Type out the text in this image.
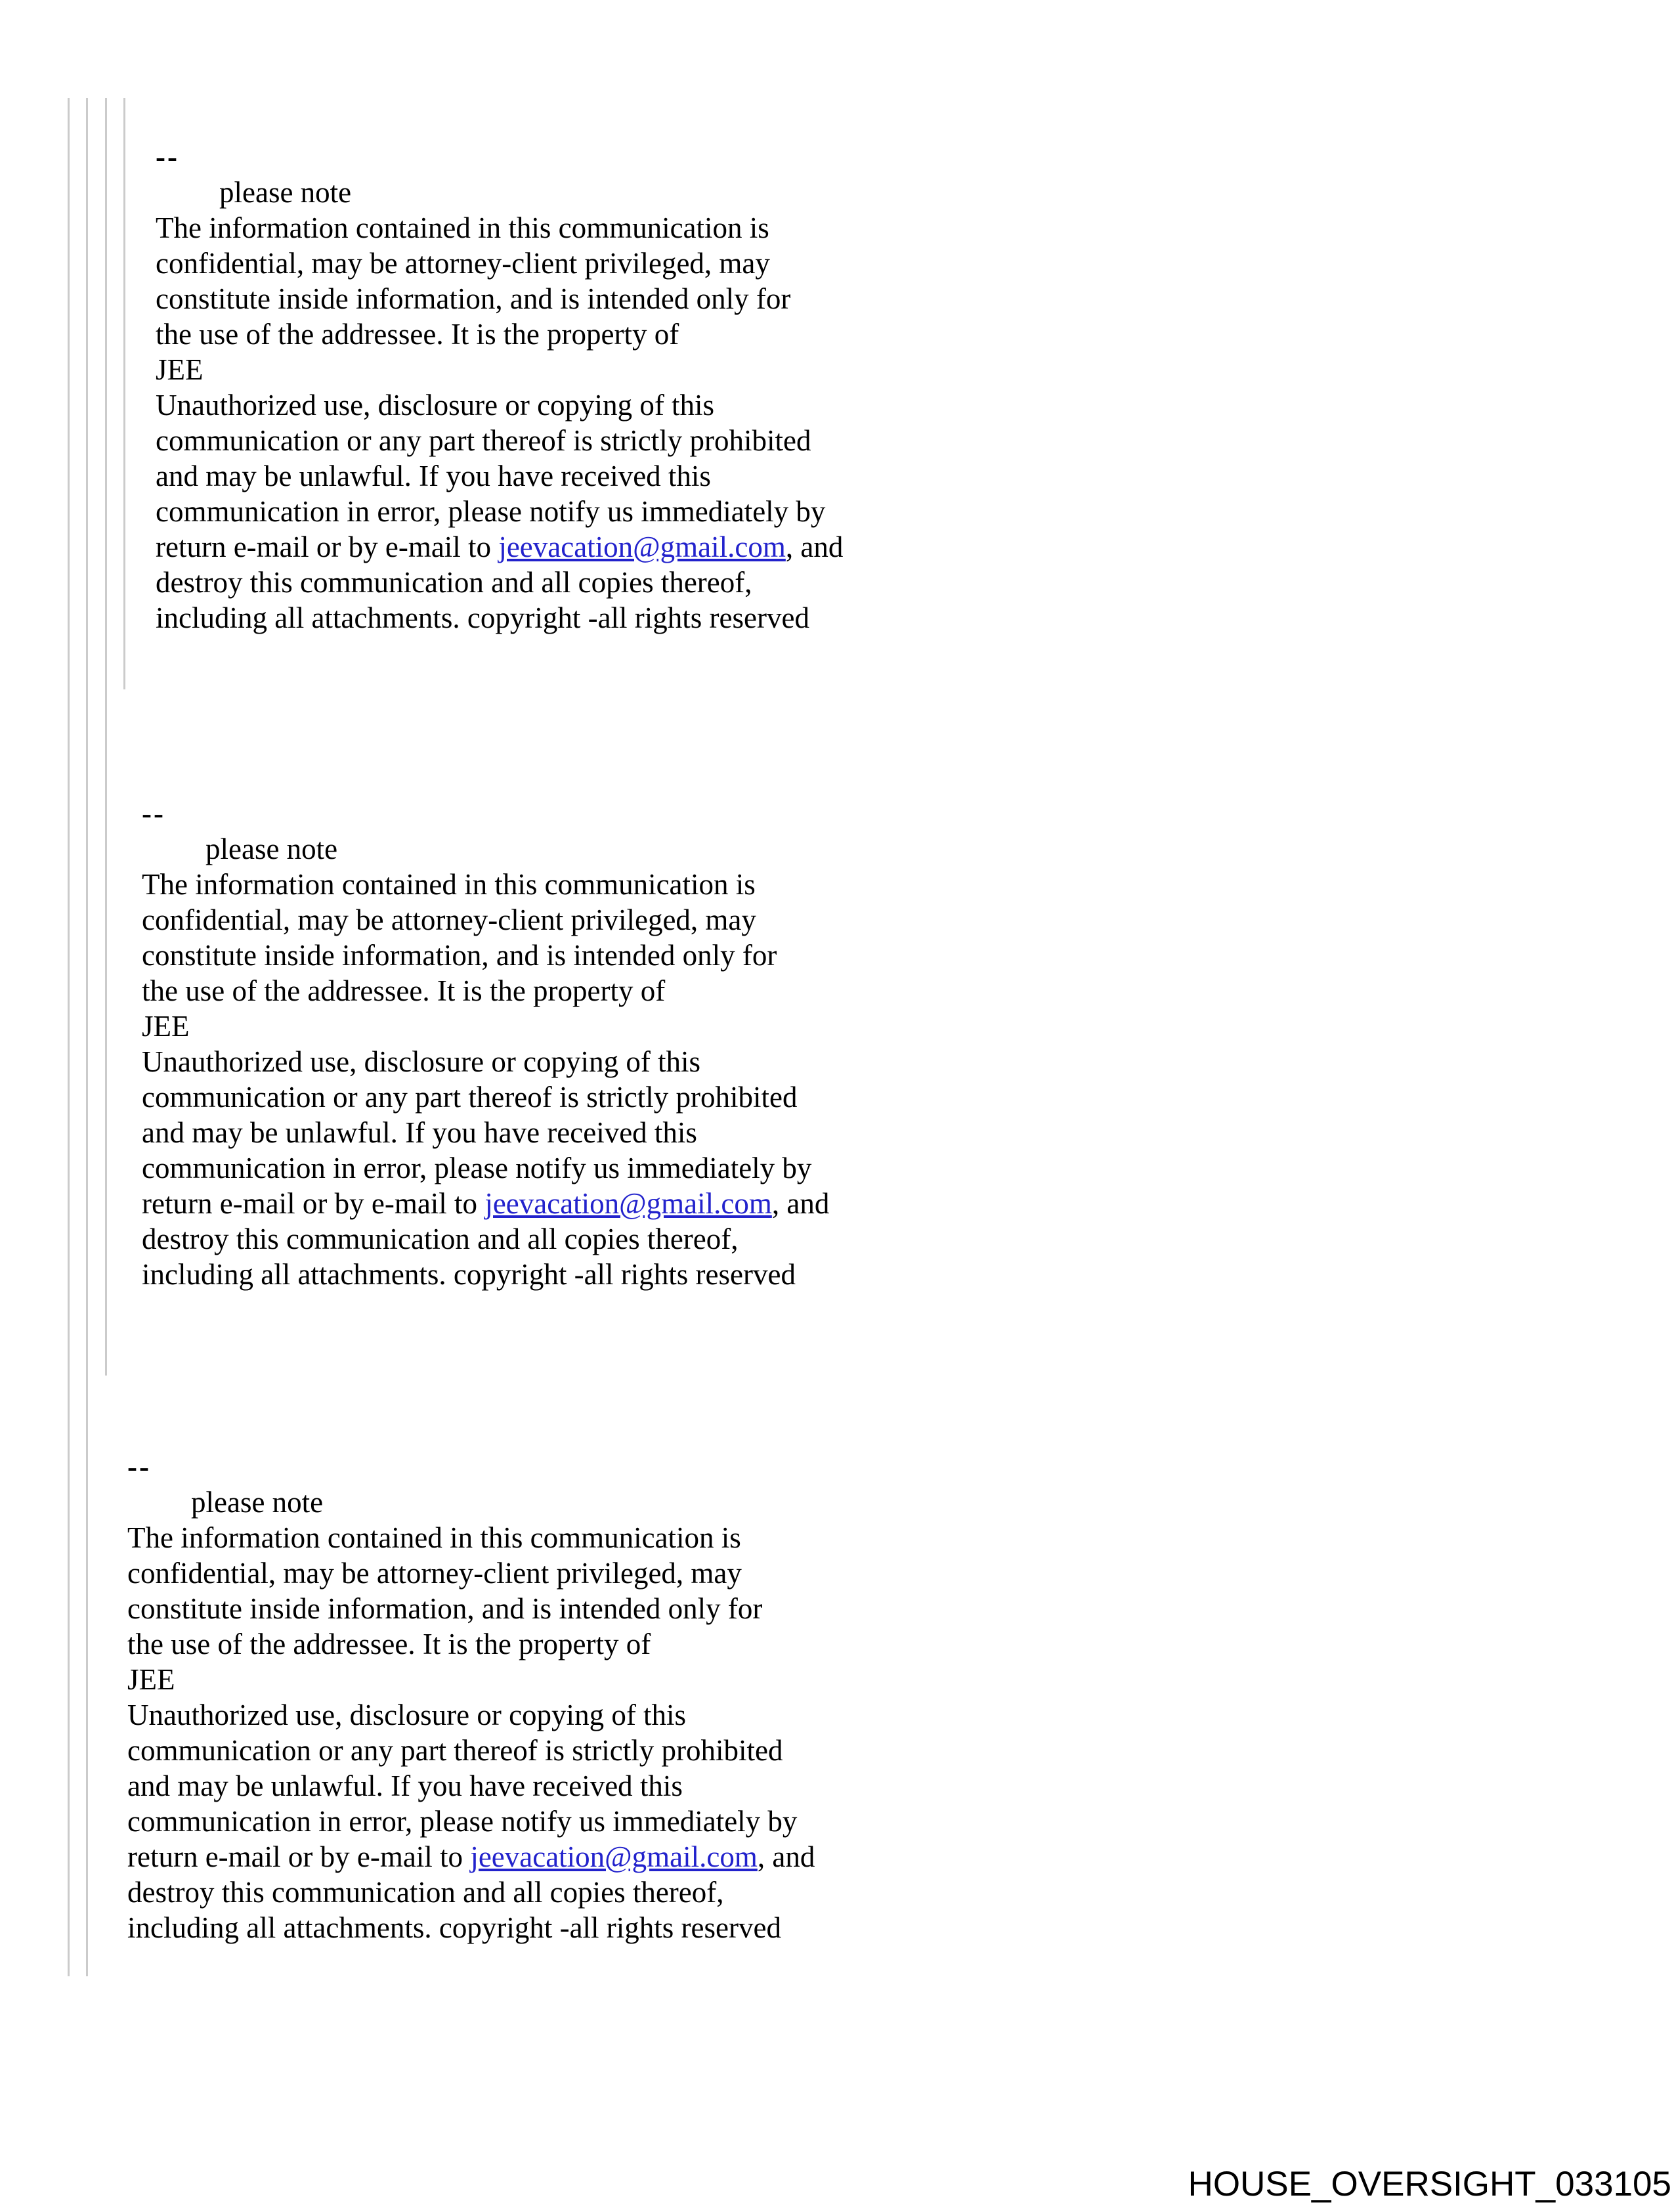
--
please note
The information contained in this communication is
confidential, may be attorney-client privileged, may
constitute inside information, and is intended only for
the use of the addressee. It is the property of
JEE
Unauthorized use, disclosure or copying of this
communication or any part thereof is strictly prohibited
and may be unlawful. If you have received this
communication in error, please notify us immediately by
return e-mail or by e-mail to jeevacation@gmail.com, and
destroy this communication and all copies thereof,
including all attachments. copyright -all rights reserved
--
please note
The information contained in this communication is
confidential, may be attorney-client privileged, may
constitute inside information, and is intended only for
the use of the addressee. It is the property of
JEE
Unauthorized use, disclosure or copying of this
communication or any part thereof is strictly prohibited
and may be unlawful. If you have received this
communication in error, please notify us immediately by
return e-mail or by e-mail to jeevacation@gmail.com, and
destroy this communication and all copies thereof,
including all attachments. copyright -all rights reserved
--
please note
The information contained in this communication is
confidential, may be attorney-client privileged, may
constitute inside information, and is intended only for
the use of the addressee. It is the property of
JEE
Unauthorized use, disclosure or copying of this
communication or any part thereof is strictly prohibited
and may be unlawful. If you have received this
communication in error, please notify us immediately by
return e-mail or by e-mail to jeevacation@gmail.com, and
destroy this communication and all copies thereof,
including all attachments. copyright -all rights reserved
HOUSE_OVERSIGHT_033105
